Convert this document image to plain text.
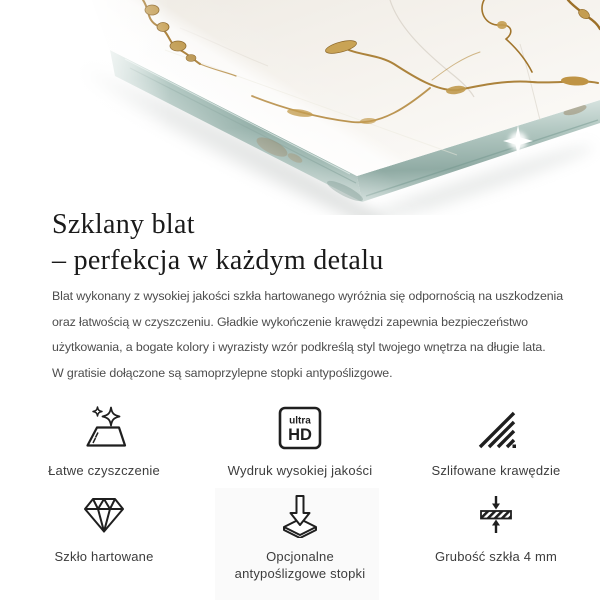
Szklany blat
– perfekcja w każdym detalu
Blat wykonany z wysokiej jakości szkła hartowanego wyróżnia się odpornością na uszkodzenia
oraz łatwością w czyszczeniu. Gładkie wykończenie krawędzi zapewnia bezpieczeństwo
użytkowania, a bogate kolory i wyrazisty wzór podkreślą styl twojego wnętrza na długie lata.
W gratisie dołączone są samoprzylepne stopki antypoślizgowe.
Łatwe czyszczenie
ultra
HD
Wydruk wysokiej jakości	Szlifowane krawędzie
Szkło hartowane	Opcjonalne
antypoślizgowe stopki
Grubość szkła 4 mm
